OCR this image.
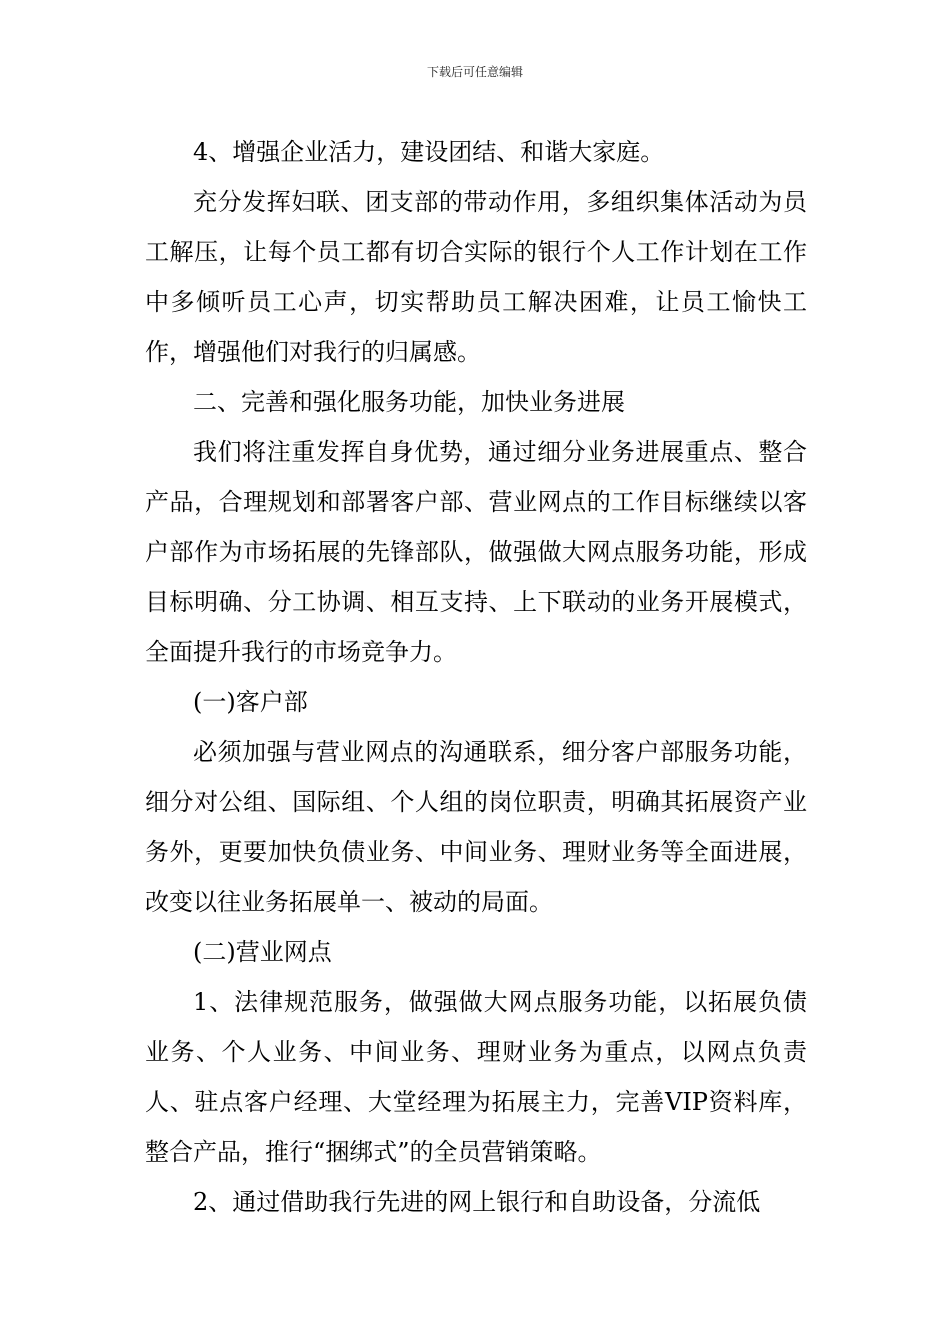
下载后可任意编辑

4、增强企业活力，建设团结、和谐大家庭。

充分发挥妇联、团支部的带动作用，多组织集体活动为员工解压，让每个员工都有切合实际的银行个人工作计划在工作中多倾听员工心声，切实帮助员工解决困难，让员工愉快工作，增强他们对我行的归属感。

二、完善和强化服务功能，加快业务进展

我们将注重发挥自身优势，通过细分业务进展重点、整合产品，合理规划和部署客户部、营业网点的工作目标继续以客户部作为市场拓展的先锋部队，做强做大网点服务功能，形成目标明确、分工协调、相互支持、上下联动的业务开展模式，全面提升我行的市场竞争力。

(一)客户部

必须加强与营业网点的沟通联系，细分客户部服务功能，细分对公组、国际组、个人组的岗位职责，明确其拓展资产业务外，更要加快负债业务、中间业务、理财业务等全面进展，改变以往业务拓展单一、被动的局面。

(二)营业网点

1、法律规范服务，做强做大网点服务功能，以拓展负债业务、个人业务、中间业务、理财业务为重点，以网点负责人、驻点客户经理、大堂经理为拓展主力，完善VIP资料库，整合产品，推行“捆绑式”的全员营销策略。

2、通过借助我行先进的网上银行和自助设备，分流低
